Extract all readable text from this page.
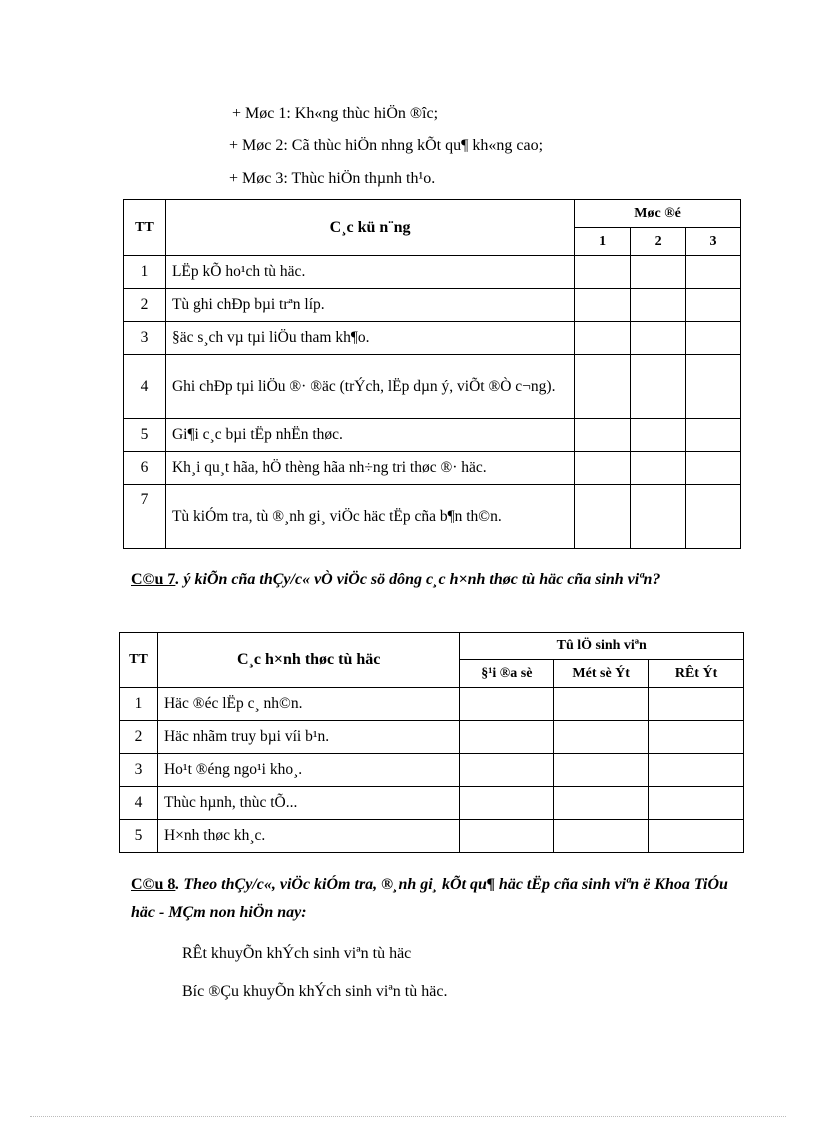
+ Møc 1: Kh«ng thùc hiÖn ®îc;
+ Møc 2: Cã thùc hiÖn nhng kÕt qu¶ kh«ng cao;
+ Møc 3: Thùc hiÖn thµnh th¹o.
TT	C¸c kü n¨ng	Møc ®é		
		1	2	3
1	LËp kÕ ho¹ch tù häc.			
2	Tù ghi chÐp bµi trªn líp.			
3	§äc s¸ch vµ tµi liÖu tham kh¶o.			
4	Ghi chÐp tµi liÖu ®· ®äc (trÝch, lËp dµn ý, viÕt ®Ò c¬ng).			
5	Gi¶i c¸c bµi tËp nhËn thøc.			
6	Kh¸i qu¸t hãa, hÖ thèng hãa nh÷ng tri thøc ®· häc.			
7	Tù kiÓm tra, tù ®¸nh gi¸ viÖc häc tËp cña b¶n th©n.			
C©u 7. ý kiÕn cña thÇy/c« vÒ viÖc sö dông c¸c h×nh thøc tù häc cña sinh viªn?
TT	C¸c h×nh thøc tù häc	Tû lÖ sinh viªn		
		§¹i ®a sè	Mét sè Ýt	RÊt Ýt
1	Häc ®éc lËp c¸ nh©n.			
2	Häc nhãm truy bµi víi b¹n.			
3	Ho¹t ®éng ngo¹i kho¸.			
4	Thùc hµnh, thùc tÕ...			
5	H×nh thøc kh¸c.			
C©u 8. Theo thÇy/c«, viÖc kiÓm tra, ®¸nh gi¸ kÕt qu¶ häc tËp cña sinh viªn ë Khoa TiÓu häc - MÇm non hiÖn nay:
RÊt khuyÕn khÝch sinh viªn tù häc
Bíc ®Çu khuyÕn khÝch sinh viªn tù häc.
